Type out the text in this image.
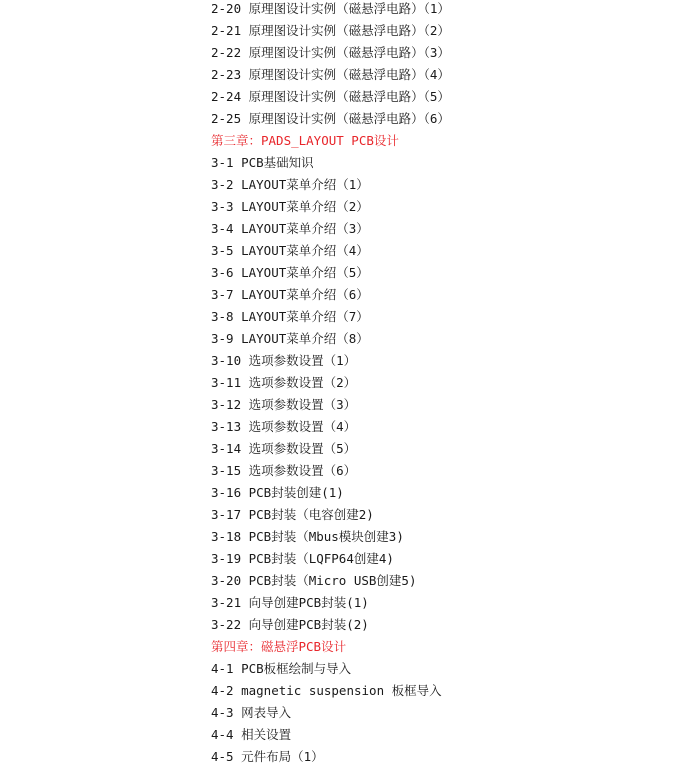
2-20 原理图设计实例（磁悬浮电路）（1）
2-21 原理图设计实例（磁悬浮电路）（2）
2-22 原理图设计实例（磁悬浮电路）（3）
2-23 原理图设计实例（磁悬浮电路）（4）
2-24 原理图设计实例（磁悬浮电路）（5）
2-25 原理图设计实例（磁悬浮电路）（6）
第三章：PADS_LAYOUT PCB设计
3-1 PCB基础知识
3-2 LAYOUT菜单介绍（1）
3-3 LAYOUT菜单介绍（2）
3-4 LAYOUT菜单介绍（3）
3-5 LAYOUT菜单介绍（4）
3-6 LAYOUT菜单介绍（5）
3-7 LAYOUT菜单介绍（6）
3-8 LAYOUT菜单介绍（7）
3-9 LAYOUT菜单介绍（8）
3-10 选项参数设置（1）
3-11 选项参数设置（2）
3-12 选项参数设置（3）
3-13 选项参数设置（4）
3-14 选项参数设置（5）
3-15 选项参数设置（6）
3-16 PCB封装创建(1)
3-17 PCB封装（电容创建2)
3-18 PCB封装（Mbus模块创建3)
3-19 PCB封装（LQFP64创建4)
3-20 PCB封装（Micro USB创建5)
3-21 向导创建PCB封装(1)
3-22 向导创建PCB封装(2)
第四章：磁悬浮PCB设计
4-1 PCB板框绘制与导入
4-2 magnetic suspension 板框导入
4-3 网表导入
4-4 相关设置
4-5 元件布局（1）
